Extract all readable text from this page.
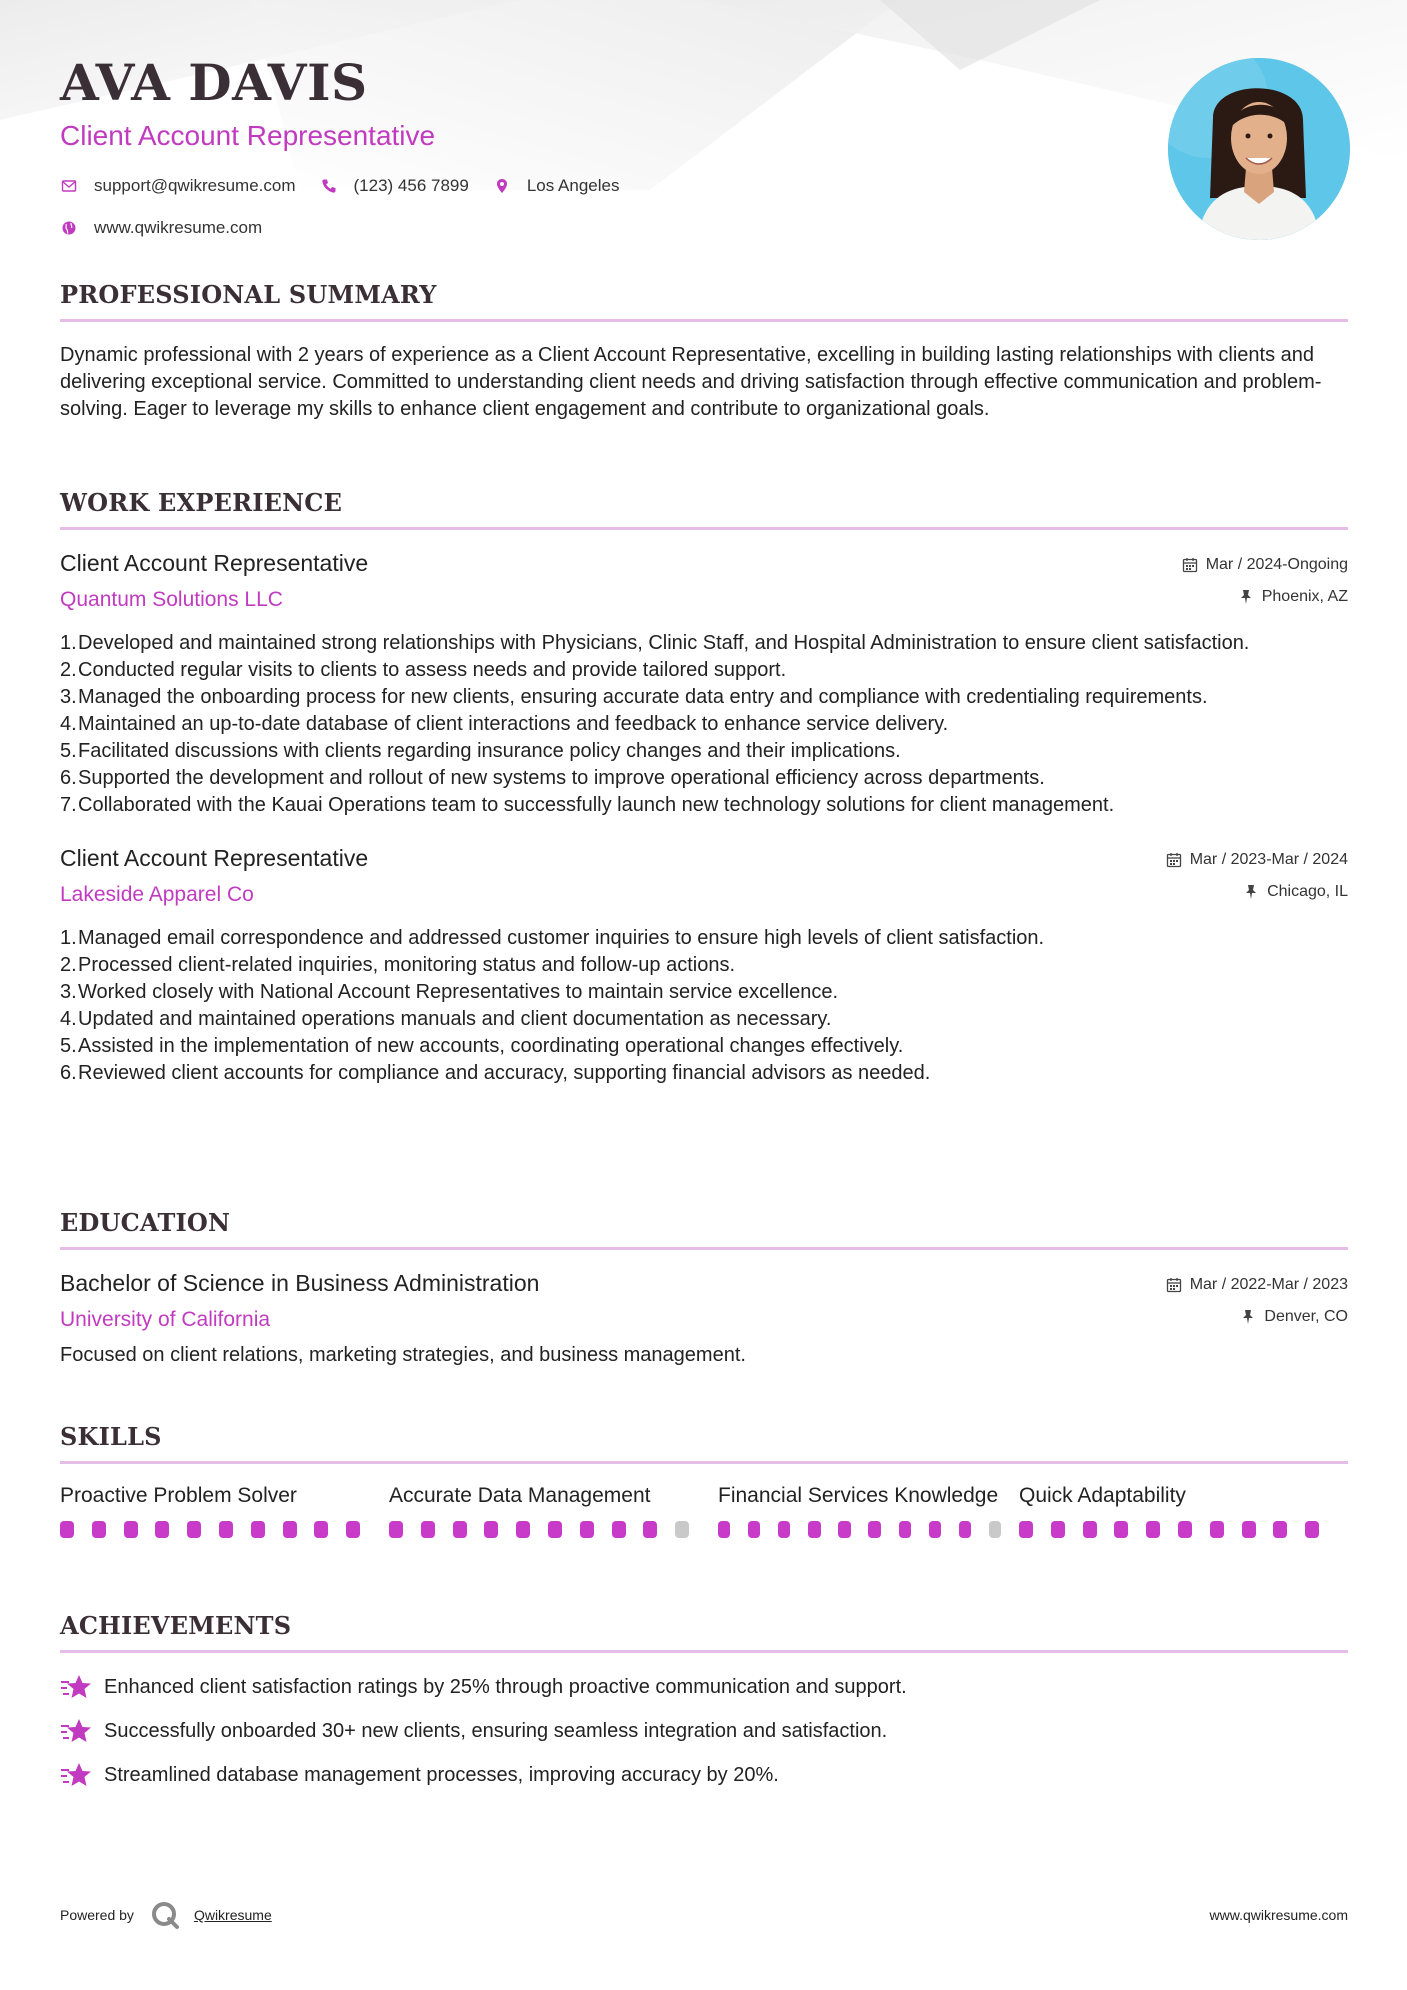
AVA DAVIS
Client Account Representative
support@qwikresume.com	(123) 456 7899	Los Angeles
www.qwikresume.com
PROFESSIONAL SUMMARY
Dynamic professional with 2 years of experience as a Client Account Representative, excelling in building lasting relationships with clients and delivering exceptional service. Committed to understanding client needs and driving satisfaction through effective communication and problem-solving. Eager to leverage my skills to enhance client engagement and contribute to organizational goals.
WORK EXPERIENCE
Client Account Representative
Quantum Solutions LLC
Mar / 2024-Ongoing
Phoenix, AZ
1. Developed and maintained strong relationships with Physicians, Clinic Staff, and Hospital Administration to ensure client satisfaction.
2. Conducted regular visits to clients to assess needs and provide tailored support.
3. Managed the onboarding process for new clients, ensuring accurate data entry and compliance with credentialing requirements.
4. Maintained an up-to-date database of client interactions and feedback to enhance service delivery.
5. Facilitated discussions with clients regarding insurance policy changes and their implications.
6. Supported the development and rollout of new systems to improve operational efficiency across departments.
7. Collaborated with the Kauai Operations team to successfully launch new technology solutions for client management.
Client Account Representative
Lakeside Apparel Co
Mar / 2023-Mar / 2024
Chicago, IL
1. Managed email correspondence and addressed customer inquiries to ensure high levels of client satisfaction.
2. Processed client-related inquiries, monitoring status and follow-up actions.
3. Worked closely with National Account Representatives to maintain service excellence.
4. Updated and maintained operations manuals and client documentation as necessary.
5. Assisted in the implementation of new accounts, coordinating operational changes effectively.
6. Reviewed client accounts for compliance and accuracy, supporting financial advisors as needed.
EDUCATION
Bachelor of Science in Business Administration
University of California
Mar / 2022-Mar / 2023
Denver, CO
Focused on client relations, marketing strategies, and business management.
SKILLS
Proactive Problem Solver	Accurate Data Management	Financial Services Knowledge Quick Adaptability
ACHIEVEMENTS
Enhanced client satisfaction ratings by 25% through proactive communication and support.
Successfully onboarded 30+ new clients, ensuring seamless integration and satisfaction.
Streamlined database management processes, improving accuracy by 20%.
Powered by	Qwikresume	www.qwikresume.com
